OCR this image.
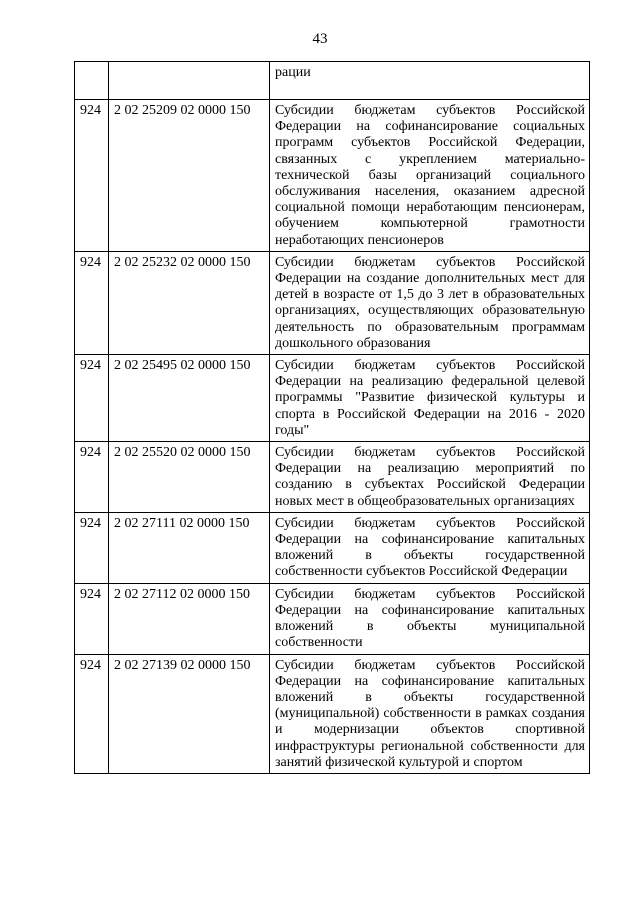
43
		рации
924	2 02 25209 02 0000 150	Субсидии бюджетам субъектов Российской Федерации на софинансирование социальных программ субъектов Российской Федерации, связанных с укреплением материально-технической базы организаций социального обслуживания населения, оказанием адресной социальной помощи неработающим пенсионерам, обучением компьютерной грамотности неработающих пенсионеров
924	2 02 25232 02 0000 150	Субсидии бюджетам субъектов Российской Федерации на создание дополнительных мест для детей в возрасте от 1,5 до 3 лет в образовательных организациях, осуществляющих образовательную деятельность по образовательным программам дошкольного образования
924	2 02 25495 02 0000 150	Субсидии бюджетам субъектов Российской Федерации на реализацию федеральной целевой программы "Развитие физической культуры и спорта в Российской Федерации на 2016 - 2020 годы"
924	2 02 25520 02 0000 150	Субсидии бюджетам субъектов Российской Федерации на реализацию мероприятий по созданию в субъектах Российской Федерации новых мест в общеобразовательных организациях
924	2 02 27111 02 0000 150	Субсидии бюджетам субъектов Российской Федерации на софинансирование капитальных вложений в объекты государственной собственности субъектов Российской Федерации
924	2 02 27112 02 0000 150	Субсидии бюджетам субъектов Российской Федерации на софинансирование капитальных вложений в объекты муниципальной собственности
924	2 02 27139 02 0000 150	Субсидии бюджетам субъектов Российской Федерации на софинансирование капитальных вложений в объекты государственной (муниципальной) собственности в рамках создания и модернизации объектов спортивной инфраструктуры региональной собственности для занятий физической культурой и спортом
